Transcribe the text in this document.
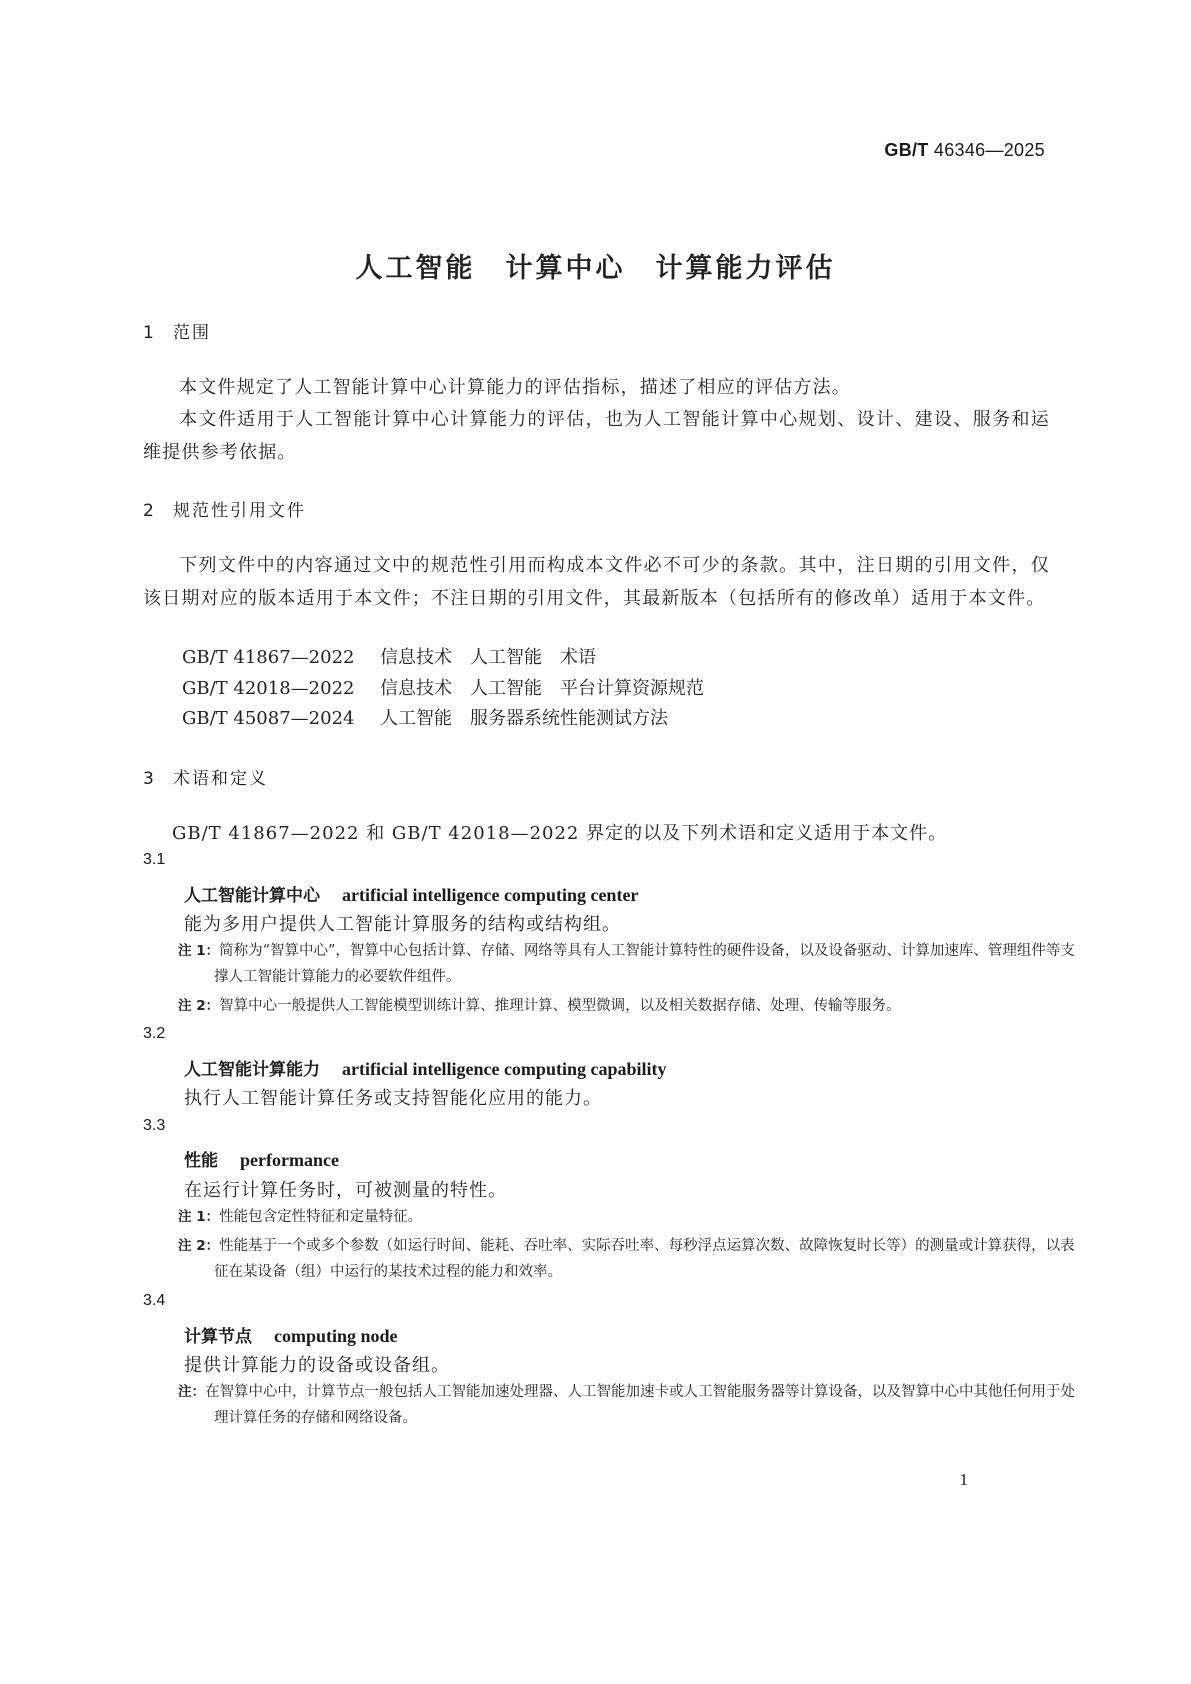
GB/T 46346—2025
人工智能　计算中心　计算能力评估
1 范围
本文件规定了人工智能计算中心计算能力的评估指标，描述了相应的评估方法。
本文件适用于人工智能计算中心计算能力的评估，也为人工智能计算中心规划、设计、建设、服务和运维提供参考依据。
2 规范性引用文件
下列文件中的内容通过文中的规范性引用而构成本文件必不可少的条款。其中，注日期的引用文件，仅该日期对应的版本适用于本文件；不注日期的引用文件，其最新版本（包括所有的修改单）适用于本文件。
GB/T 41867—2022 信息技术　人工智能　术语
GB/T 42018—2022 信息技术　人工智能　平台计算资源规范
GB/T 45087—2024 人工智能　服务器系统性能测试方法
3 术语和定义
GB/T 41867—2022 和 GB/T 42018—2022 界定的以及下列术语和定义适用于本文件。
3.1
人工智能计算中心 artificial intelligence computing center
能为多用户提供人工智能计算服务的结构或结构组。
注 1：简称为“智算中心”，智算中心包括计算、存储、网络等具有人工智能计算特性的硬件设备，以及设备驱动、计算加速库、管理组件等支撑人工智能计算能力的必要软件组件。
注 2：智算中心一般提供人工智能模型训练计算、推理计算、模型微调，以及相关数据存储、处理、传输等服务。
3.2
人工智能计算能力 artificial intelligence computing capability
执行人工智能计算任务或支持智能化应用的能力。
3.3
性能 performance
在运行计算任务时，可被测量的特性。
注 1：性能包含定性特征和定量特征。
注 2：性能基于一个或多个参数（如运行时间、能耗、吞吐率、实际吞吐率、每秒浮点运算次数、故障恢复时长等）的测量或计算获得，以表征在某设备（组）中运行的某技术过程的能力和效率。
3.4
计算节点 computing node
提供计算能力的设备或设备组。
注：在智算中心中，计算节点一般包括人工智能加速处理器、人工智能加速卡或人工智能服务器等计算设备，以及智算中心中其他任何用于处理计算任务的存储和网络设备。
1
